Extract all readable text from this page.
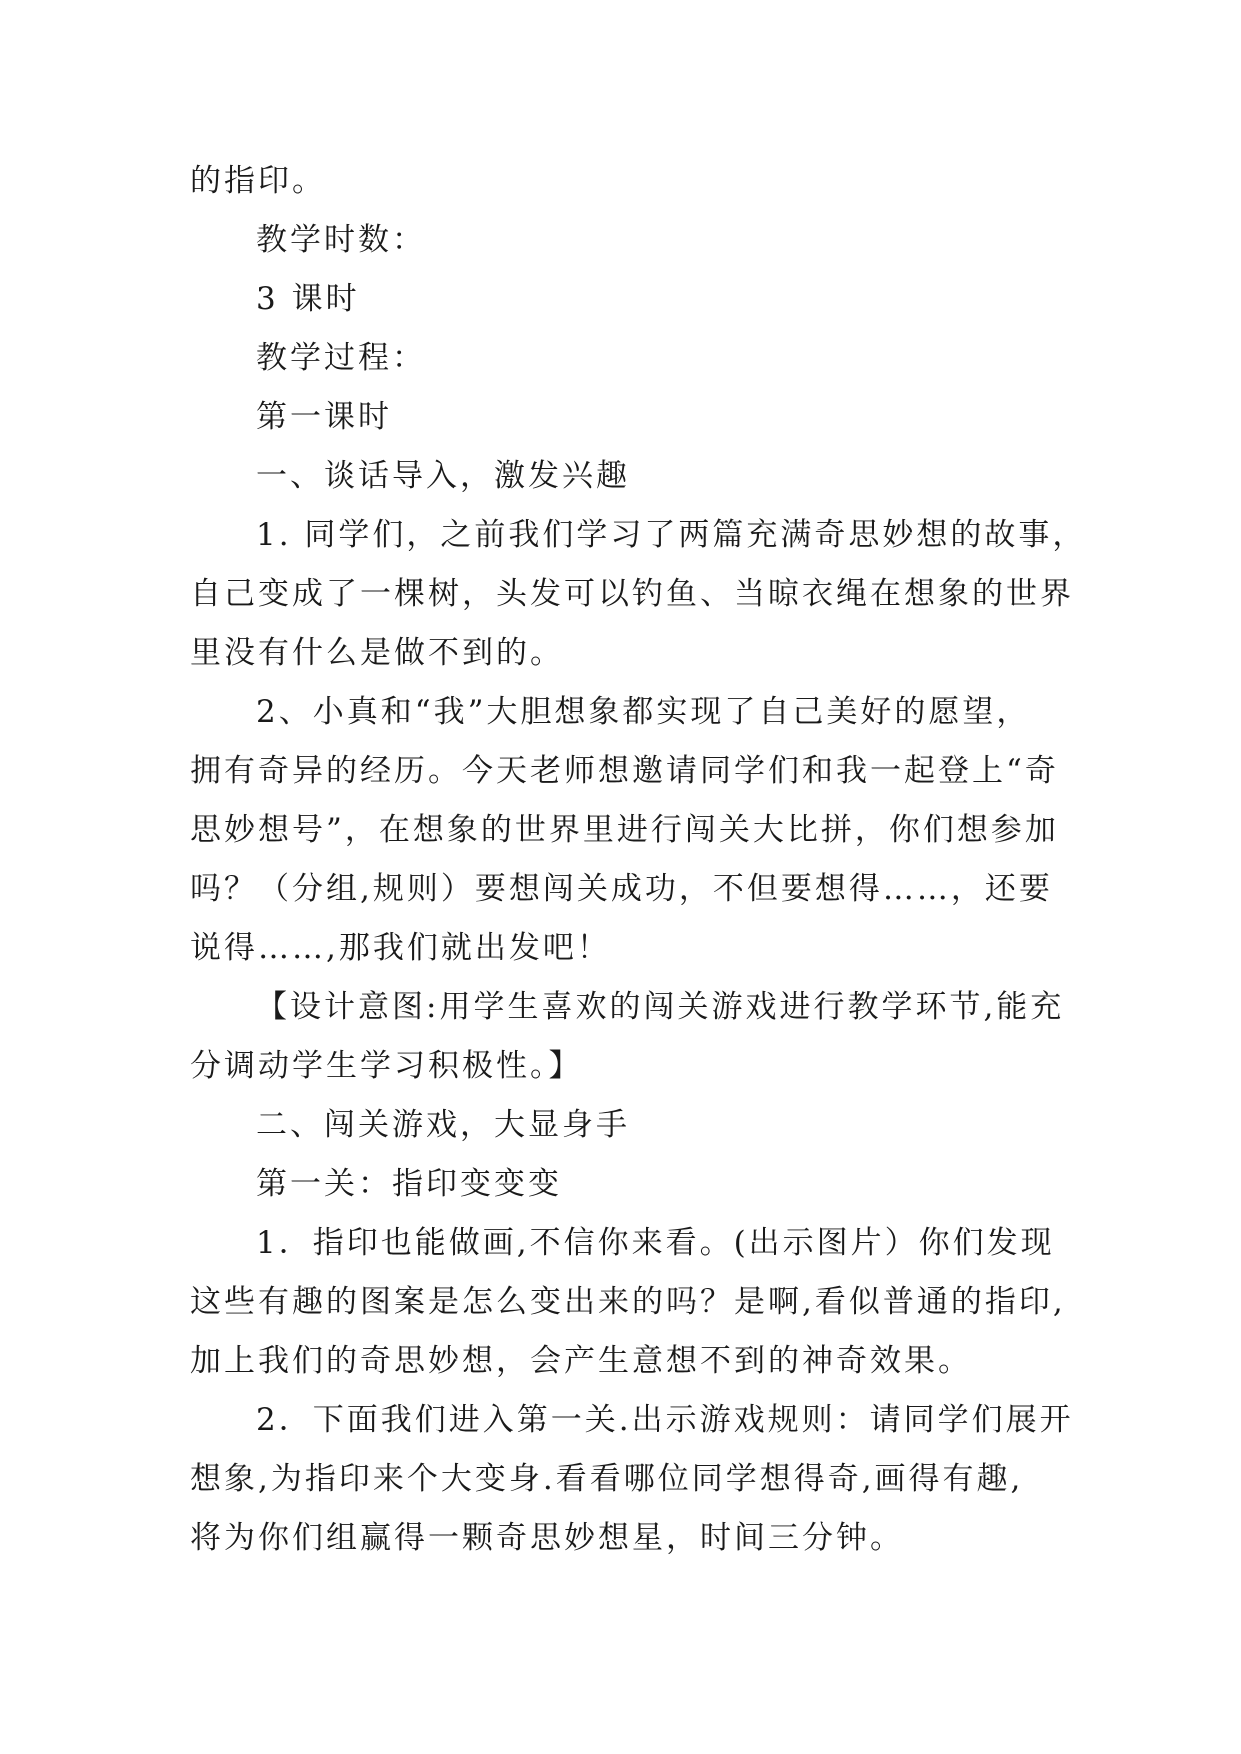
的指印。
教学时数：
3 课时
教学过程：
第一课时
一、谈话导入，激发兴趣
1. 同学们，之前我们学习了两篇充满奇思妙想的故事，
自己变成了一棵树，头发可以钓鱼、当晾衣绳在想象的世界
里没有什么是做不到的。
2、小真和“我”大胆想象都实现了自己美好的愿望，
拥有奇异的经历。今天老师想邀请同学们和我一起登上“奇
思妙想号”，在想象的世界里进行闯关大比拼，你们想参加
吗？（分组,规则）要想闯关成功，不但要想得……，还要
说得……,那我们就出发吧！
【设计意图:用学生喜欢的闯关游戏进行教学环节,能充
分调动学生学习积极性。】
二、闯关游戏，大显身手
第一关：指印变变变
1．指印也能做画,不信你来看。(出示图片）你们发现
这些有趣的图案是怎么变出来的吗？是啊,看似普通的指印,
加上我们的奇思妙想，会产生意想不到的神奇效果。
2．下面我们进入第一关.出示游戏规则：请同学们展开
想象,为指印来个大变身.看看哪位同学想得奇,画得有趣,
将为你们组赢得一颗奇思妙想星，时间三分钟。
